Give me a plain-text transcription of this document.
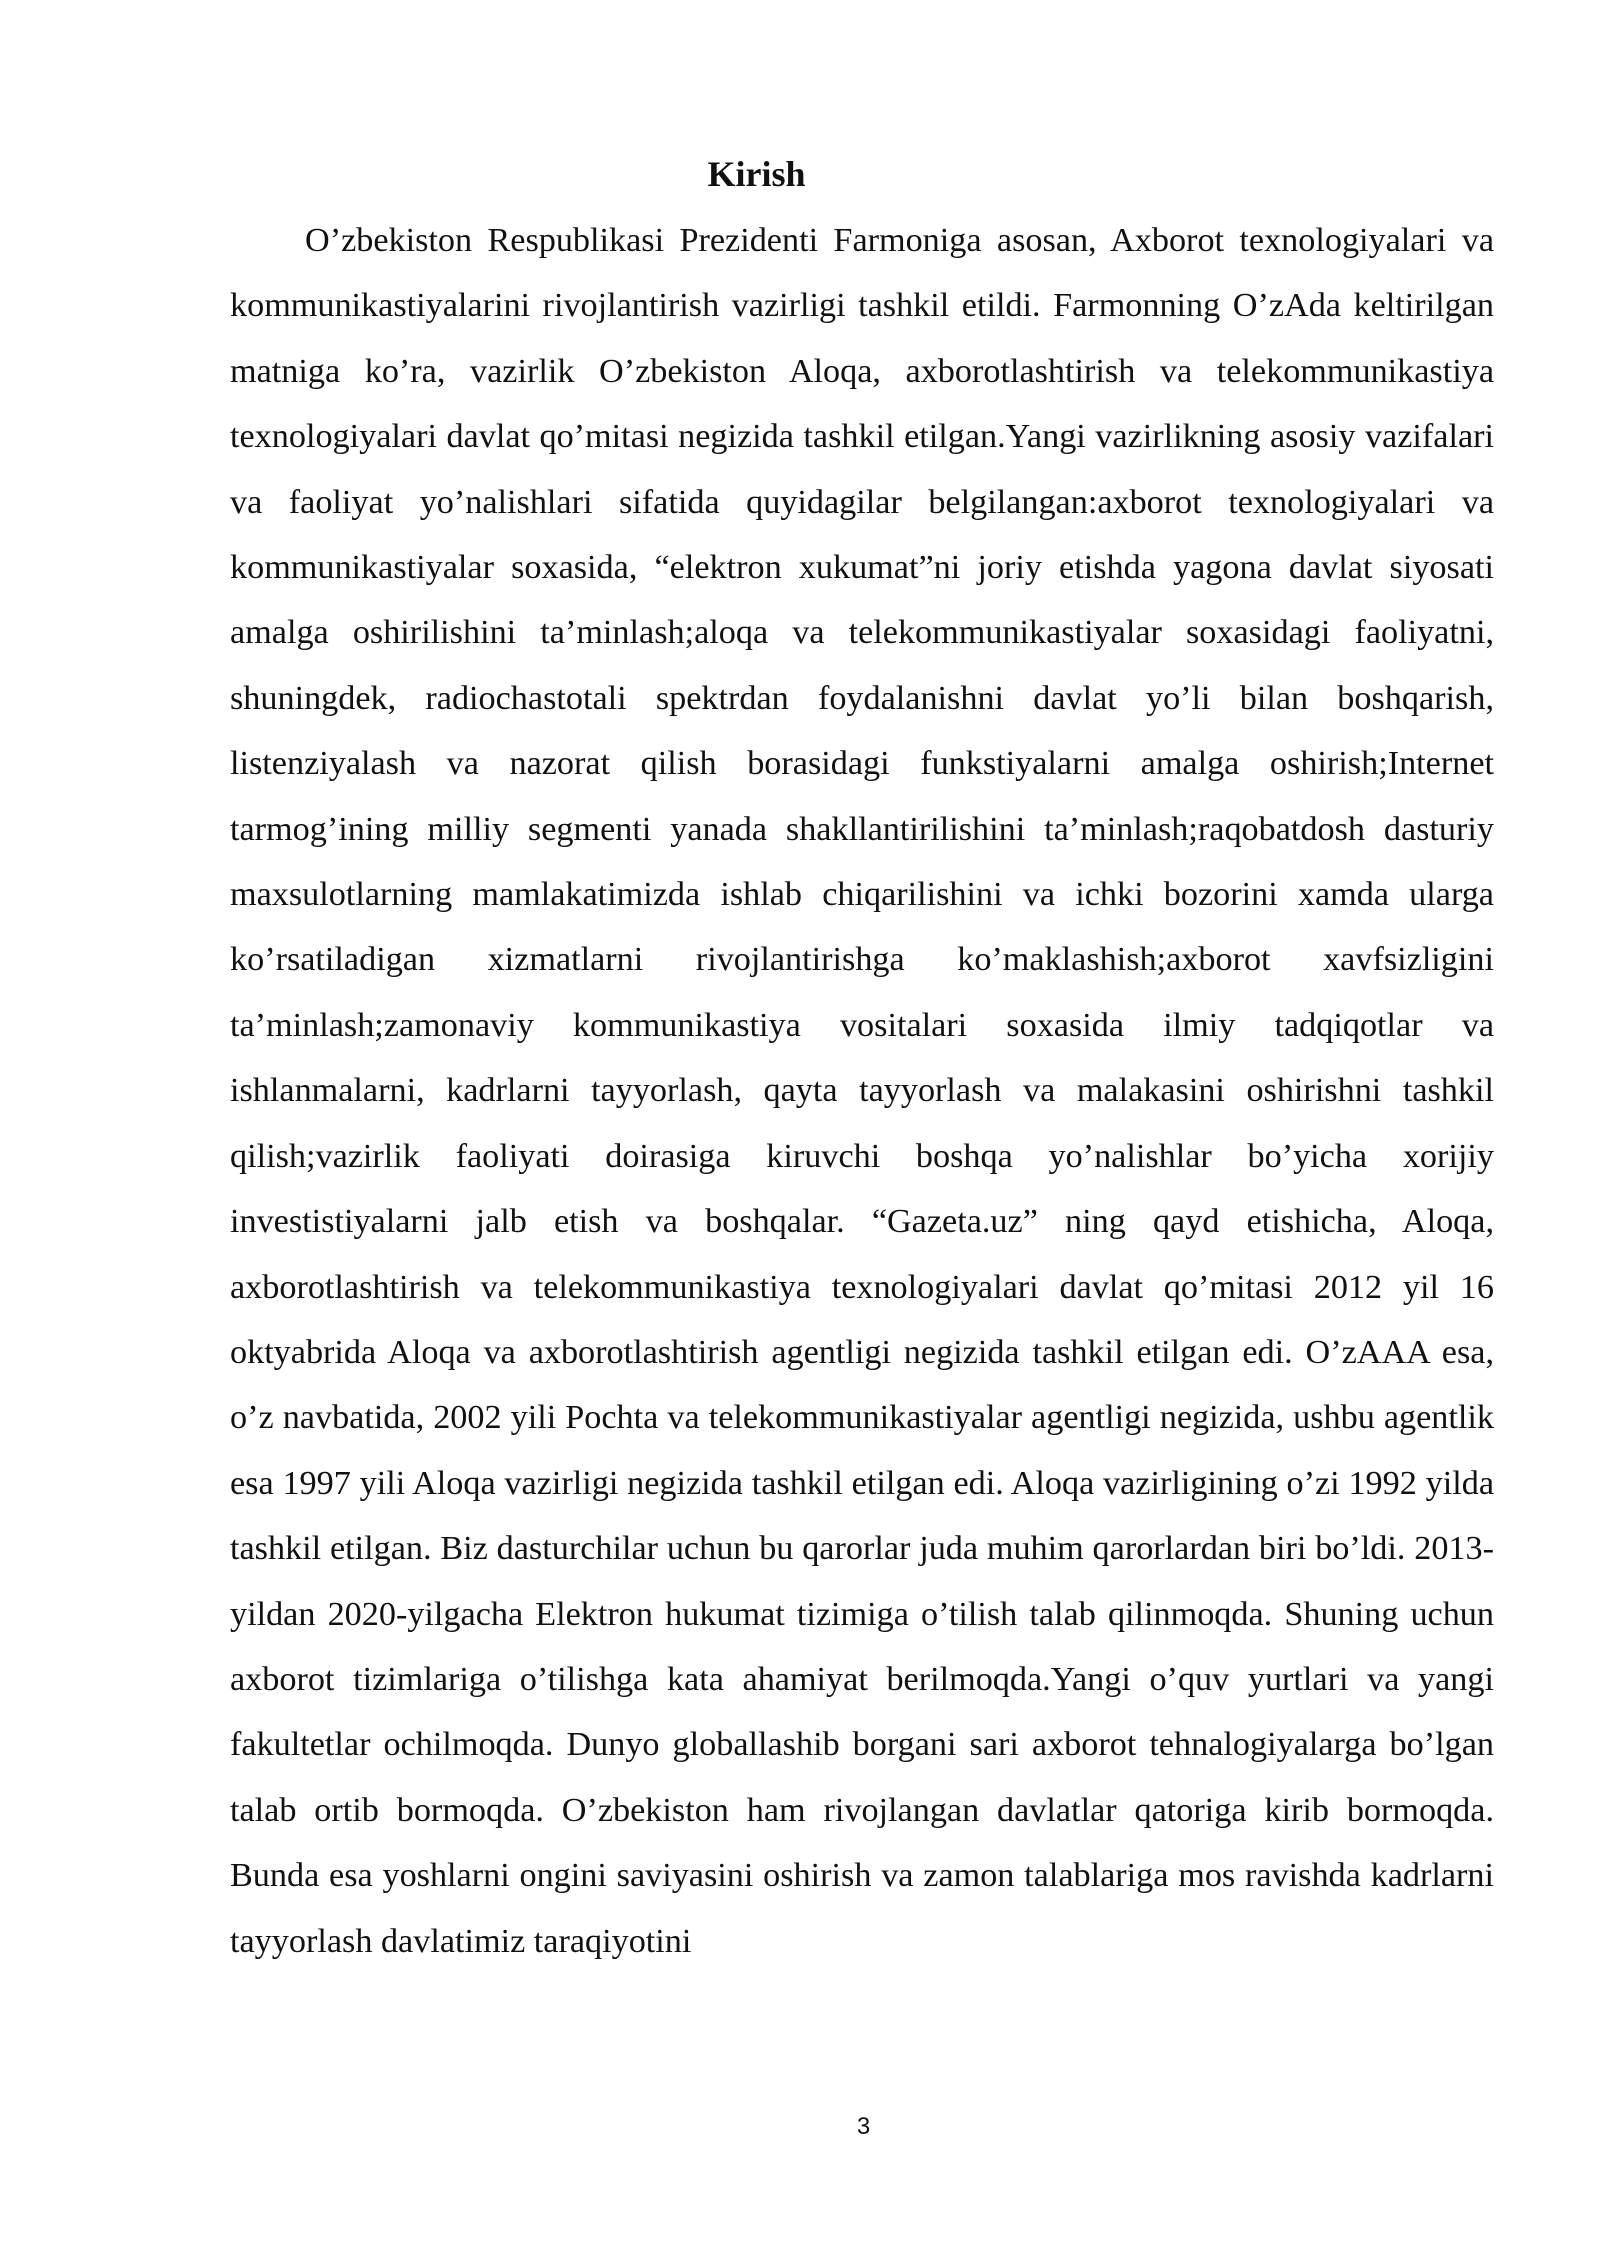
Kirish

O’zbekiston Respublikasi Prezidenti Farmoniga asosan, Axborot texnologiyalari va kommunikastiyalarini rivojlantirish vazirligi tashkil etildi. Farmonning O’zAda keltirilgan matniga ko’ra, vazirlik O’zbekiston Aloqa, axborotlashtirish va telekommunikastiya texnologiyalari davlat qo’mitasi negizida tashkil etilgan.Yangi vazirlikning asosiy vazifalari va faoliyat yo’nalishlari sifatida quyidagilar belgilangan:axborot texnologiyalari va kommunikastiyalar soxasida, “elektron xukumat”ni joriy etishda yagona davlat siyosati amalga oshirilishini ta’minlash;aloqa va telekommunikastiyalar soxasidagi faoliyatni, shuningdek, radiochastotali spektrdan foydalanishni davlat yo’li bilan boshqarish, listenziyalash va nazorat qilish borasidagi funkstiyalarni amalga oshirish;Internet tarmog’ining milliy segmenti yanada shakllantirilishini ta’minlash;raqobatdosh dasturiy maxsulotlarning mamlakatimizda ishlab chiqarilishini va ichki bozorini xamda ularga ko’rsatiladigan xizmatlarni rivojlantirishga ko’maklashish;axborot xavfsizligini ta’minlash;zamonaviy kommunikastiya vositalari soxasida ilmiy tadqiqotlar va ishlanmalarni, kadrlarni tayyorlash, qayta tayyorlash va malakasini oshirishni tashkil qilish;vazirlik faoliyati doirasiga kiruvchi boshqa yo’nalishlar bo’yicha xorijiy investistiyalarni jalb etish va boshqalar. “Gazeta.uz” ning qayd etishicha, Aloqa, axborotlashtirish va telekommunikastiya texnologiyalari davlat qo’mitasi 2012 yil 16 oktyabrida Aloqa va axborotlashtirish agentligi negizida tashkil etilgan edi. O’zAAA esa, o’z navbatida, 2002 yili Pochta va telekommunikastiyalar agentligi negizida, ushbu agentlik esa 1997 yili Aloqa vazirligi negizida tashkil etilgan edi. Aloqa vazirligining o’zi 1992 yilda tashkil etilgan. Biz dasturchilar uchun bu qarorlar juda muhim qarorlardan biri bo’ldi. 2013-yildan 2020-yilgacha Elektron hukumat tizimiga o’tilish talab qilinmoqda. Shuning uchun axborot tizimlariga o’tilishga kata ahamiyat berilmoqda.Yangi o’quv yurtlari va yangi fakultetlar ochilmoqda. Dunyo globallashib borgani sari axborot tehnalogiyalarga bo’lgan talab ortib bormoqda. O’zbekiston ham rivojlangan davlatlar qatoriga kirib bormoqda. Bunda esa yoshlarni ongini saviyasini oshirish va zamon talablariga mos ravishda kadrlarni tayyorlash davlatimiz taraqiyotini

3
